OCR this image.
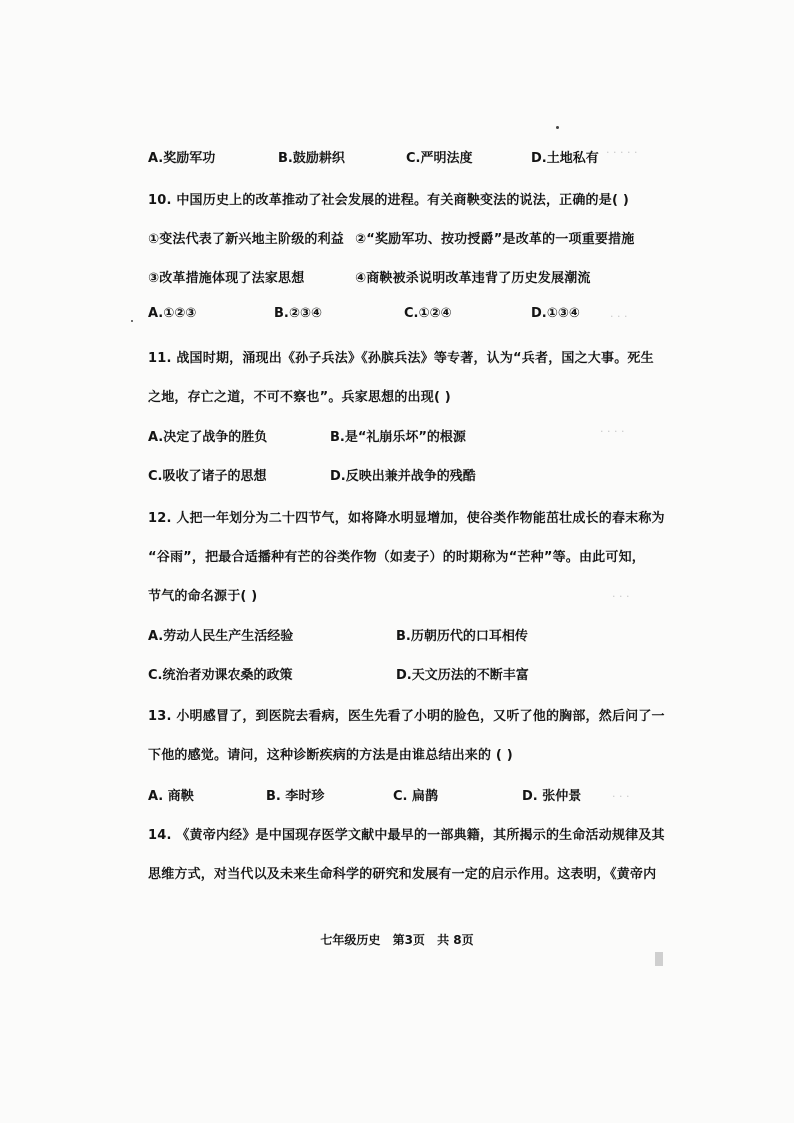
· · · · ·
· · ·
· · · ·
· · ·
· · ·
A.奖励军功	B.鼓励耕织	C.严明法度	D.土地私有
10. 中国历史上的改革推动了社会发展的进程。有关商鞅变法的说法，正确的是( )
①变法代表了新兴地主阶级的利益 ②“奖励军功、按功授爵”是改革的一项重要措施
③改革措施体现了法家思想	④商鞅被杀说明改革违背了历史发展潮流
A.①②③	B.②③④	C.①②④	D.①③④
11. 战国时期，涌现出《孙子兵法》《孙膑兵法》等专著，认为“兵者，国之大事。死生
之地，存亡之道，不可不察也”。兵家思想的出现( )
A.决定了战争的胜负	B.是“礼崩乐坏”的根源
C.吸收了诸子的思想	D.反映出兼并战争的残酷
12. 人把一年划分为二十四节气，如将降水明显增加，使谷类作物能茁壮成长的春末称为
“谷雨”，把最合适播种有芒的谷类作物（如麦子）的时期称为“芒种”等。由此可知，
节气的命名源于( )
A.劳动人民生产生活经验	B.历朝历代的口耳相传
C.统治者劝课农桑的政策	D.天文历法的不断丰富
13. 小明感冒了，到医院去看病，医生先看了小明的脸色，又听了他的胸部，然后问了一
下他的感觉。请问，这种诊断疾病的方法是由谁总结出来的 ( )
A. 商鞅	B. 李时珍	C. 扁鹊	D. 张仲景
14. 《黄帝内经》是中国现存医学文献中最早的一部典籍，其所揭示的生命活动规律及其
思维方式，对当代以及未来生命科学的研究和发展有一定的启示作用。这表明，《黄帝内
七年级历史 第3页 共 8页
